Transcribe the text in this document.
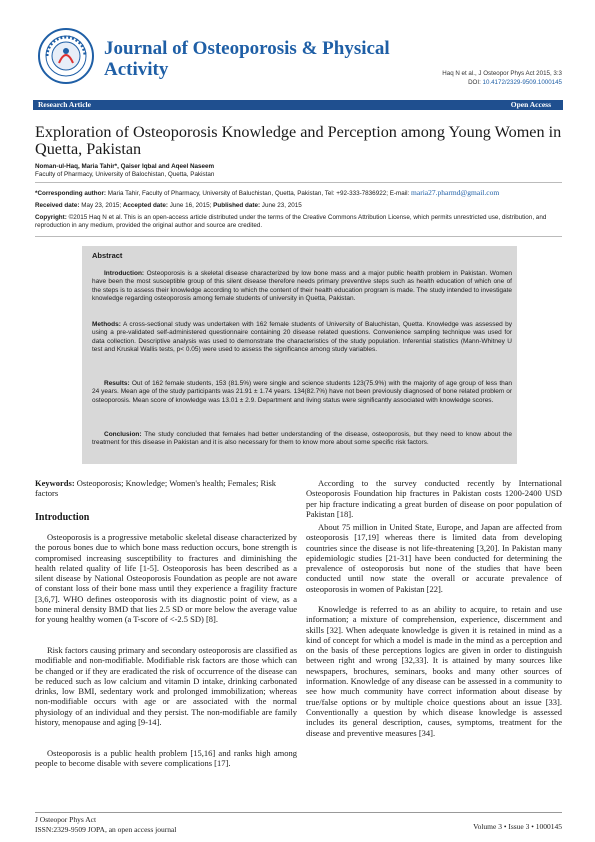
Journal of Osteoporosis & Physical Activity	Haq N et al., J Osteopor Phys Act 2015, 3:3
DOI: 10.4172/2329-9509.1000145
Research Article	Open Access
Exploration of Osteoporosis Knowledge and Perception among Young Women in Quetta, Pakistan
Noman-ul-Haq, Maria Tahir*, Qaiser Iqbal and Aqeel Naseem
Faculty of Pharmacy, University of Balochistan, Quetta, Pakistan
*Corresponding author: Maria Tahir, Faculty of Pharmacy, University of Baluchistan, Quetta, Pakistan, Tel: +92-333-7836922; E-mail: maria27.pharmd@gmail.com
Received date: May 23, 2015; Accepted date: June 16, 2015; Published date: June 23, 2015
Copyright: ©2015 Haq N et al. This is an open-access article distributed under the terms of the Creative Commons Attribution License, which permits unrestricted use, distribution, and reproduction in any medium, provided the original author and source are credited.
Abstract

Introduction: Osteoporosis is a skeletal disease characterized by low bone mass and a major public health problem in Pakistan. Women have been the most susceptible group of this silent disease therefore needs primary preventive steps such as health education of which one of the steps is to assess their knowledge according to which the content of their health education program is made. The study intended to investigate knowledge regarding osteoporosis among female students of university in Quetta, Pakistan.

Methods: A cross-sectional study was undertaken with 162 female students of University of Baluchistan, Quetta. Knowledge was assessed by using a pre-validated self-administered questionnaire containing 20 disease related questions. Convenience sampling technique was used for data collection. Descriptive analysis was used to demonstrate the characteristics of the study population. Inferential statistics (Mann-Whitney U test and Kruskal Wallis tests, p< 0.05) were used to assess the significance among study variables.

Results: Out of 162 female students, 153 (81.5%) were single and science students 123(75.9%) with the majority of age group of less than 24 years. Mean age of the study participants was 21.91 ± 1.74 years. 134(82.7%) have not been previously diagnosed of bone related problem or osteoporosis. Mean score of knowledge was 13.01 ± 2.9. Department and living status were significantly associated with knowledge scores.

Conclusion: The study concluded that females had better understanding of the disease, osteoporosis, but they need to know about the treatment for this disease in Pakistan and it is also necessary for them to know more about some specific risk factors.

Keywords: Osteoporosis; Knowledge; Women's health; Females; Risk factors
Introduction

Osteoporosis is a progressive metabolic skeletal disease characterized by the porous bones due to which bone mass reduction occurs, bone strength is compromised increasing susceptibility to fractures and diminishing the health related quality of life [1-5]. Osteoporosis has been described as a silent disease by National Osteoporosis Foundation as people are not aware of constant loss of their bone mass until they experience a fragility fracture [3,6,7]. WHO defines osteoporosis with its diagnostic point of view, as a bone mineral density BMD that lies 2.5 SD or more below the average value for young healthy women (a T-score of <-2.5 SD) [8].

Risk factors causing primary and secondary osteoporosis are classified as modifiable and non-modifiable. Modifiable risk factors are those which can be changed or if they are eradicated the risk of occurrence of the disease can be reduced such as low calcium and vitamin D intake, drinking carbonated drinks, low BMI, sedentary work and prolonged immobilization; whereas non-modifiable occurs with age or are associated with the normal physiology of an individual and they persist. The non-modifiable are family history, menopause and aging [9-14].

Osteoporosis is a public health problem [15,16] and ranks high among people to become disable with severe complications [17].

According to the survey conducted recently by International Osteoporosis Foundation hip fractures in Pakistan costs 1200-2400 USD per hip fracture indicating a great burden of disease on poor population of Pakistan [18].

About 75 million in United State, Europe, and Japan are affected from osteoporosis [17,19] whereas there is limited data from developing countries since the disease is not life-threatening [3,20]. In Pakistan many epidemiologic studies [21-31] have been conducted for determining the prevalence of osteoporosis but none of the studies that have been conducted until now state the overall or accurate prevalence of osteoporosis in women of Pakistan [22].

Knowledge is referred to as an ability to acquire, to retain and use information; a mixture of comprehension, experience, discernment and skills [32]. When adequate knowledge is given it is retained in mind as a kind of concept for which a model is made in the mind as a perception and on the basis of these perceptions logics are given in order to distinguish between right and wrong [32,33]. It is attained by many sources like newspapers, brochures, seminars, books and many other sources of information. Knowledge of any disease can be assessed in a community to see how much community have correct information about disease by true/false options or by multiple choice questions about an issue [33]. Conventionally a question by which disease knowledge is assessed includes its general description, causes, symptoms, treatment for the disease and preventive measures [34].

J Osteopor Phys Act
ISSN:2329-9509 JOPA, an open access journal	Volume 3 • Issue 3 • 1000145
